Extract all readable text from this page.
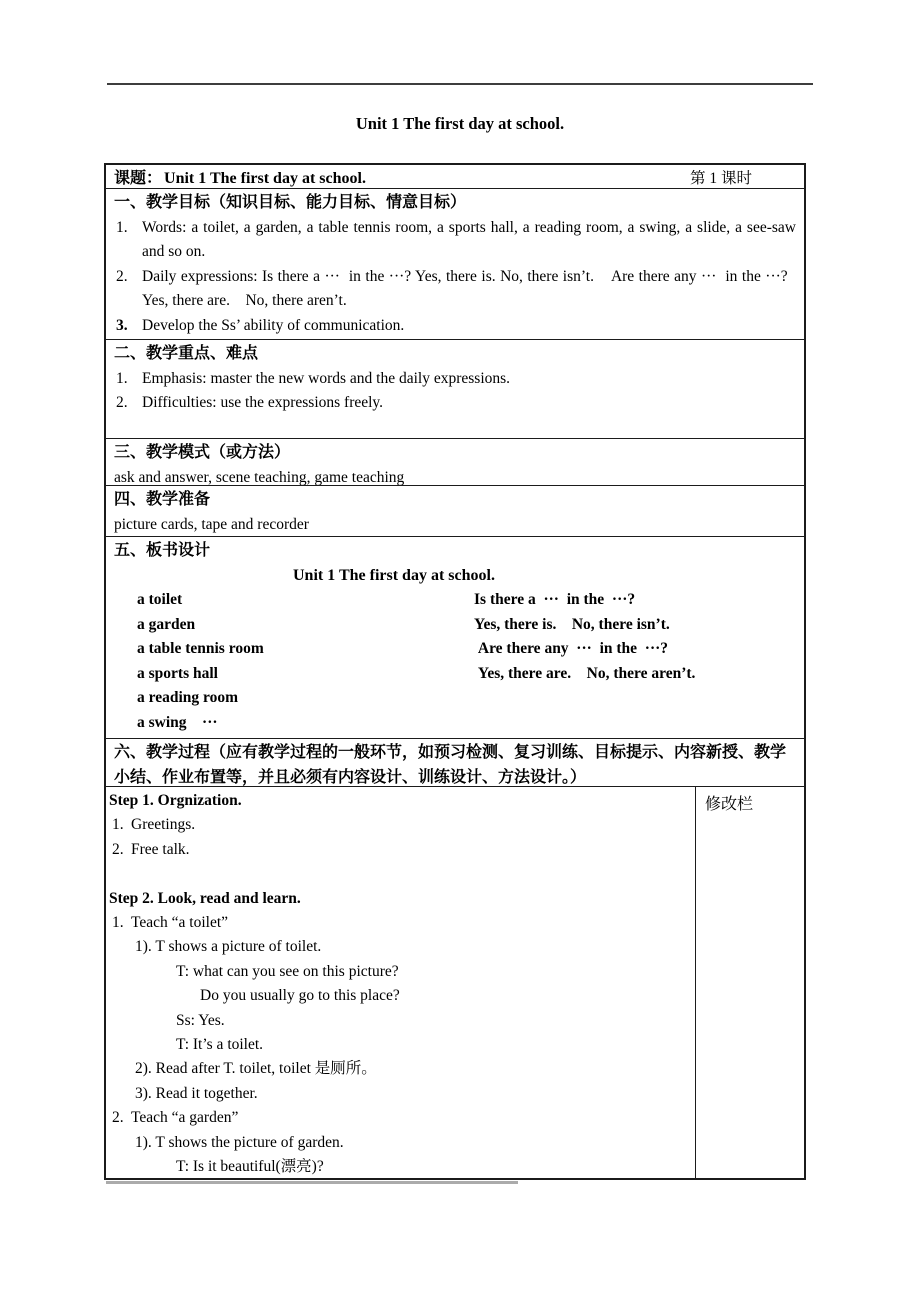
Unit 1 The first day at school.
课题： Unit 1 The first day at school.	第 1 课时
一、教学目标（知识目标、能力目标、情意目标）
1. Words: a toilet, a garden, a table tennis room, a sports hall, a reading room, a swing, a slide, a see-saw and so on.
2. Daily expressions: Is there a ···  in the ···? Yes, there is. No, there isn’t.    Are there any ···  in the ···?   Yes, there are.    No, there aren’t.
3. Develop the Ss’ ability of communication.
二、教学重点、难点
1. Emphasis: master the new words and the daily expressions.
2. Difficulties: use the expressions freely.
三、教学模式（或方法）
ask and answer, scene teaching, game teaching
四、教学准备
picture cards, tape and recorder
五、板书设计
Unit 1 The first day at school.
a toilet	Is there a  ···  in the  ···?
a garden	Yes, there is.    No, there isn’t.
a table tennis room	Are there any  ···  in the  ···?
a sports hall	Yes, there are.    No, there aren’t.
a reading room
a swing    ···
六、教学过程（应有教学过程的一般环节，如预习检测、复习训练、目标提示、内容新授、教学小结、作业布置等，并且必须有内容设计、训练设计、方法设计。）
Step 1. Orgnization.
1. Greetings.
2. Free talk.
Step 2. Look, read and learn.
1. Teach “a toilet”
1). T shows a picture of toilet.
T: what can you see on this picture?
Do you usually go to this place?
Ss: Yes.
T: It’s a toilet.
2). Read after T. toilet, toilet 是厕所。
3). Read it together.
2. Teach “a garden”
1). T shows the picture of garden.
T: Is it beautiful(漂亮)?
修改栏
